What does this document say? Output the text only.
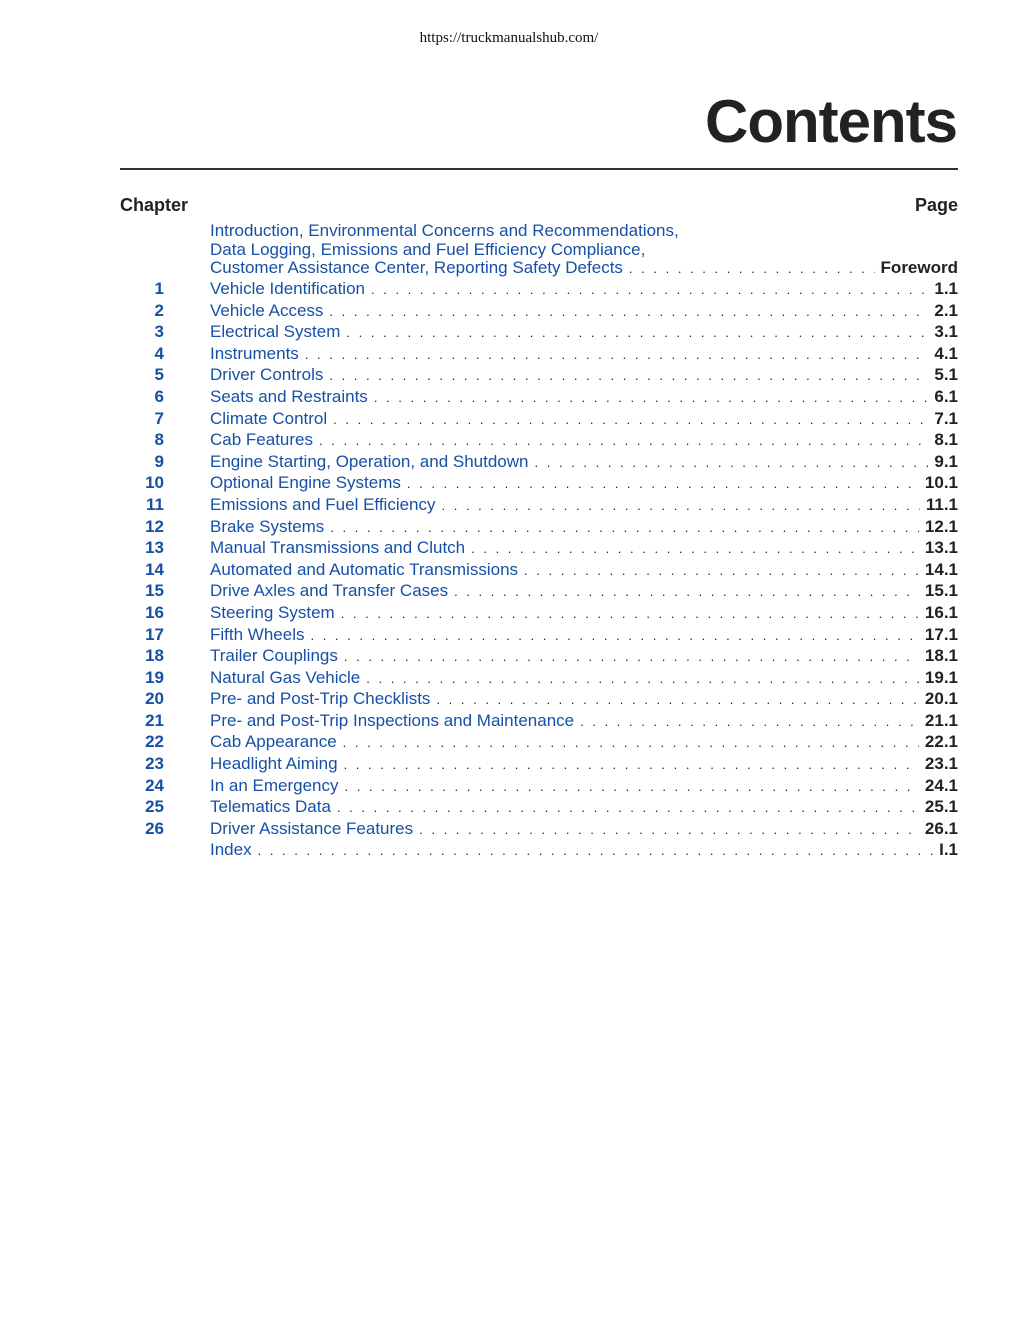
https://truckmanualshub.com/
Contents
Chapter	Page
Introduction, Environmental Concerns and Recommendations,
Data Logging, Emissions and Fuel Efficiency Compliance,
Customer Assistance Center, Reporting Safety Defects . . .	Foreword
1	Vehicle Identification . . .	1.1
2	Vehicle Access . . .	2.1
3	Electrical System . . .	3.1
4	Instruments . . .	4.1
5	Driver Controls . . .	5.1
6	Seats and Restraints . . .	6.1
7	Climate Control . . .	7.1
8	Cab Features . . .	8.1
9	Engine Starting, Operation, and Shutdown . . .	9.1
10	Optional Engine Systems . . .	10.1
11	Emissions and Fuel Efficiency . . .	11.1
12	Brake Systems . . .	12.1
13	Manual Transmissions and Clutch . . .	13.1
14	Automated and Automatic Transmissions . . .	14.1
15	Drive Axles and Transfer Cases . . .	15.1
16	Steering System . . .	16.1
17	Fifth Wheels . . .	17.1
18	Trailer Couplings . . .	18.1
19	Natural Gas Vehicle . . .	19.1
20	Pre- and Post-Trip Checklists . . .	20.1
21	Pre- and Post-Trip Inspections and Maintenance . . .	21.1
22	Cab Appearance . . .	22.1
23	Headlight Aiming . . .	23.1
24	In an Emergency . . .	24.1
25	Telematics Data . . .	25.1
26	Driver Assistance Features . . .	26.1
Index . . .	I.1
